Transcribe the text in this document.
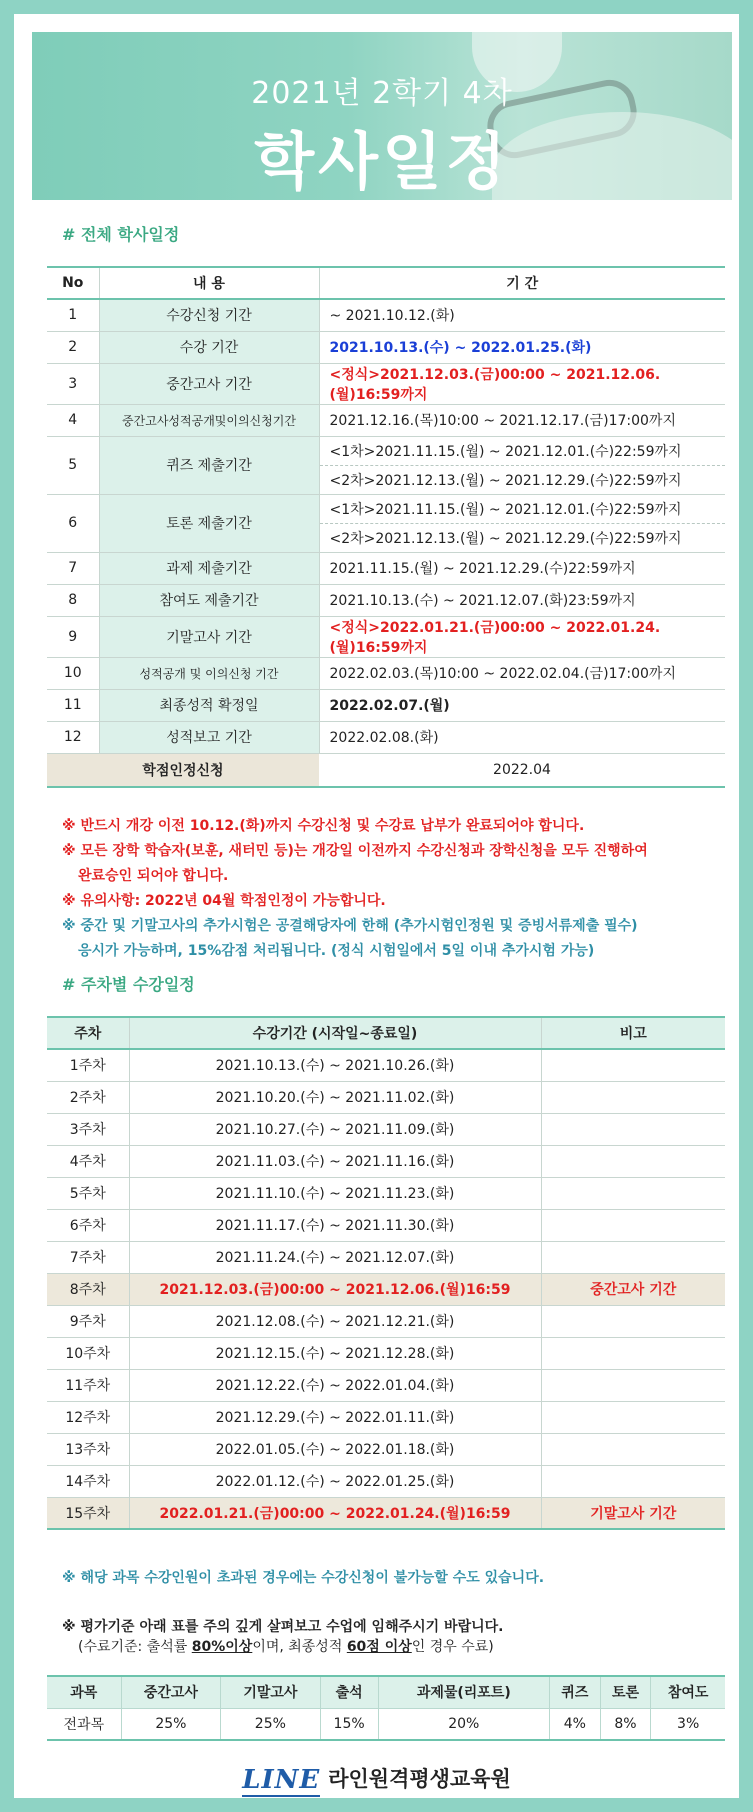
2021년 2학기 4차
학사일정
# 전체 학사일정
No	내 용	기 간
1	수강신청 기간	~ 2021.10.12.(화)
2	수강 기간	2021.10.13.(수) ~ 2022.01.25.(화)
3	중간고사 기간	<정식>2021.12.03.(금)00:00 ~ 2021.12.06.(월)16:59까지
4	중간고사성적공개및이의신청기간	2021.12.16.(목)10:00 ~ 2021.12.17.(금)17:00까지
5	퀴즈 제출기간	<1차>2021.11.15.(월) ~ 2021.12.01.(수)22:59까지
		<2차>2021.12.13.(월) ~ 2021.12.29.(수)22:59까지
6	토론 제출기간	<1차>2021.11.15.(월) ~ 2021.12.01.(수)22:59까지
		<2차>2021.12.13.(월) ~ 2021.12.29.(수)22:59까지
7	과제 제출기간	2021.11.15.(월) ~ 2021.12.29.(수)22:59까지
8	참여도 제출기간	2021.10.13.(수) ~ 2021.12.07.(화)23:59까지
9	기말고사 기간	<정식>2022.01.21.(금)00:00 ~ 2022.01.24.(월)16:59까지
10	성적공개 및 이의신청 기간	2022.02.03.(목)10:00 ~ 2022.02.04.(금)17:00까지
11	최종성적 확정일	2022.02.07.(월)
12	성적보고 기간	2022.02.08.(화)
학점인정신청		2022.04
※ 반드시 개강 이전 10.12.(화)까지 수강신청 및 수강료 납부가 완료되어야 합니다.
※ 모든 장학 학습자(보훈, 새터민 등)는 개강일 이전까지 수강신청과 장학신청을 모두 진행하여
완료승인 되어야 합니다.
※ 유의사항: 2022년 04월 학점인정이 가능합니다.
※ 중간 및 기말고사의 추가시험은 공결해당자에 한해 (추가시험인정원 및 증빙서류제출 필수)
응시가 가능하며, 15%감점 처리됩니다. (정식 시험일에서 5일 이내 추가시험 가능)
# 주차별 수강일정
주차	수강기간 (시작일~종료일)	비고
1주차	2021.10.13.(수) ~ 2021.10.26.(화)	
2주차	2021.10.20.(수) ~ 2021.11.02.(화)	
3주차	2021.10.27.(수) ~ 2021.11.09.(화)	
4주차	2021.11.03.(수) ~ 2021.11.16.(화)	
5주차	2021.11.10.(수) ~ 2021.11.23.(화)	
6주차	2021.11.17.(수) ~ 2021.11.30.(화)	
7주차	2021.11.24.(수) ~ 2021.12.07.(화)	
8주차	2021.12.03.(금)00:00 ~ 2021.12.06.(월)16:59	중간고사 기간
9주차	2021.12.08.(수) ~ 2021.12.21.(화)	
10주차	2021.12.15.(수) ~ 2021.12.28.(화)	
11주차	2021.12.22.(수) ~ 2022.01.04.(화)	
12주차	2021.12.29.(수) ~ 2022.01.11.(화)	
13주차	2022.01.05.(수) ~ 2022.01.18.(화)	
14주차	2022.01.12.(수) ~ 2022.01.25.(화)	
15주차	2022.01.21.(금)00:00 ~ 2022.01.24.(월)16:59	기말고사 기간
※ 해당 과목 수강인원이 초과된 경우에는 수강신청이 불가능할 수도 있습니다.
※ 평가기준 아래 표를 주의 깊게 살펴보고 수업에 임해주시기 바랍니다.
(수료기준: 출석률 80%이상이며, 최종성적 60점 이상인 경우 수료)
과목	중간고사	기말고사	출석	과제물(리포트)	퀴즈	토론	참여도
전과목	25%	25%	15%	20%	4%	8%	3%
LINE 라인원격평생교육원
